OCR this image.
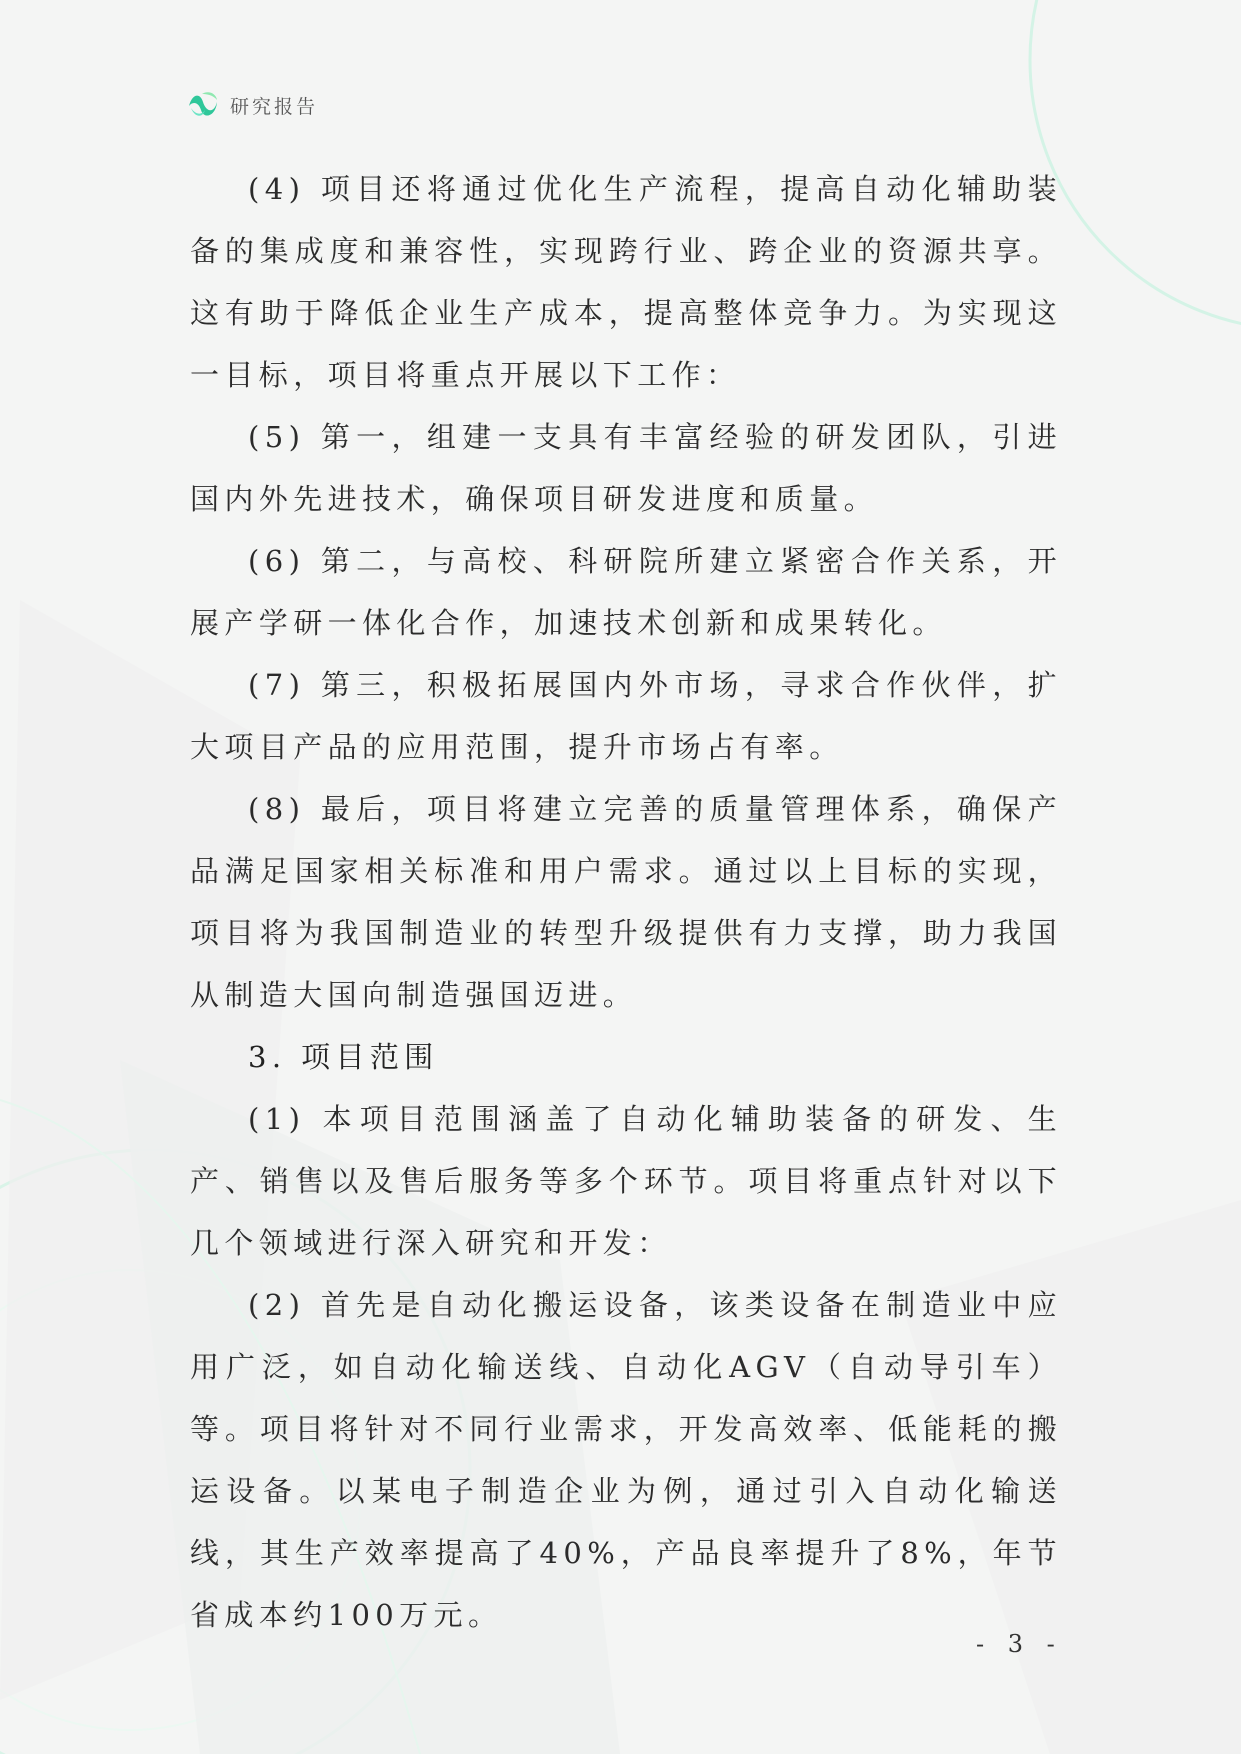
研究报告

(4) 项目还将通过优化生产流程，提高自动化辅助装备的集成度和兼容性，实现跨行业、跨企业的资源共享。这有助于降低企业生产成本，提高整体竞争力。为实现这一目标，项目将重点开展以下工作：

(5) 第一，组建一支具有丰富经验的研发团队，引进国内外先进技术，确保项目研发进度和质量。

(6) 第二，与高校、科研院所建立紧密合作关系，开展产学研一体化合作，加速技术创新和成果转化。

(7) 第三，积极拓展国内外市场，寻求合作伙伴，扩大项目产品的应用范围，提升市场占有率。

(8) 最后，项目将建立完善的质量管理体系，确保产品满足国家相关标准和用户需求。通过以上目标的实现，项目将为我国制造业的转型升级提供有力支撑，助力我国从制造大国向制造强国迈进。

3. 项目范围

(1) 本项目范围涵盖了自动化辅助装备的研发、生产、销售以及售后服务等多个环节。项目将重点针对以下几个领域进行深入研究和开发：

(2) 首先是自动化搬运设备，该类设备在制造业中应用广泛，如自动化输送线、自动化AGV（自动导引车）等。项目将针对不同行业需求，开发高效率、低能耗的搬运设备。以某电子制造企业为例，通过引入自动化输送线，其生产效率提高了40%，产品良率提升了8%，年节省成本约100万元。

- 3 -
